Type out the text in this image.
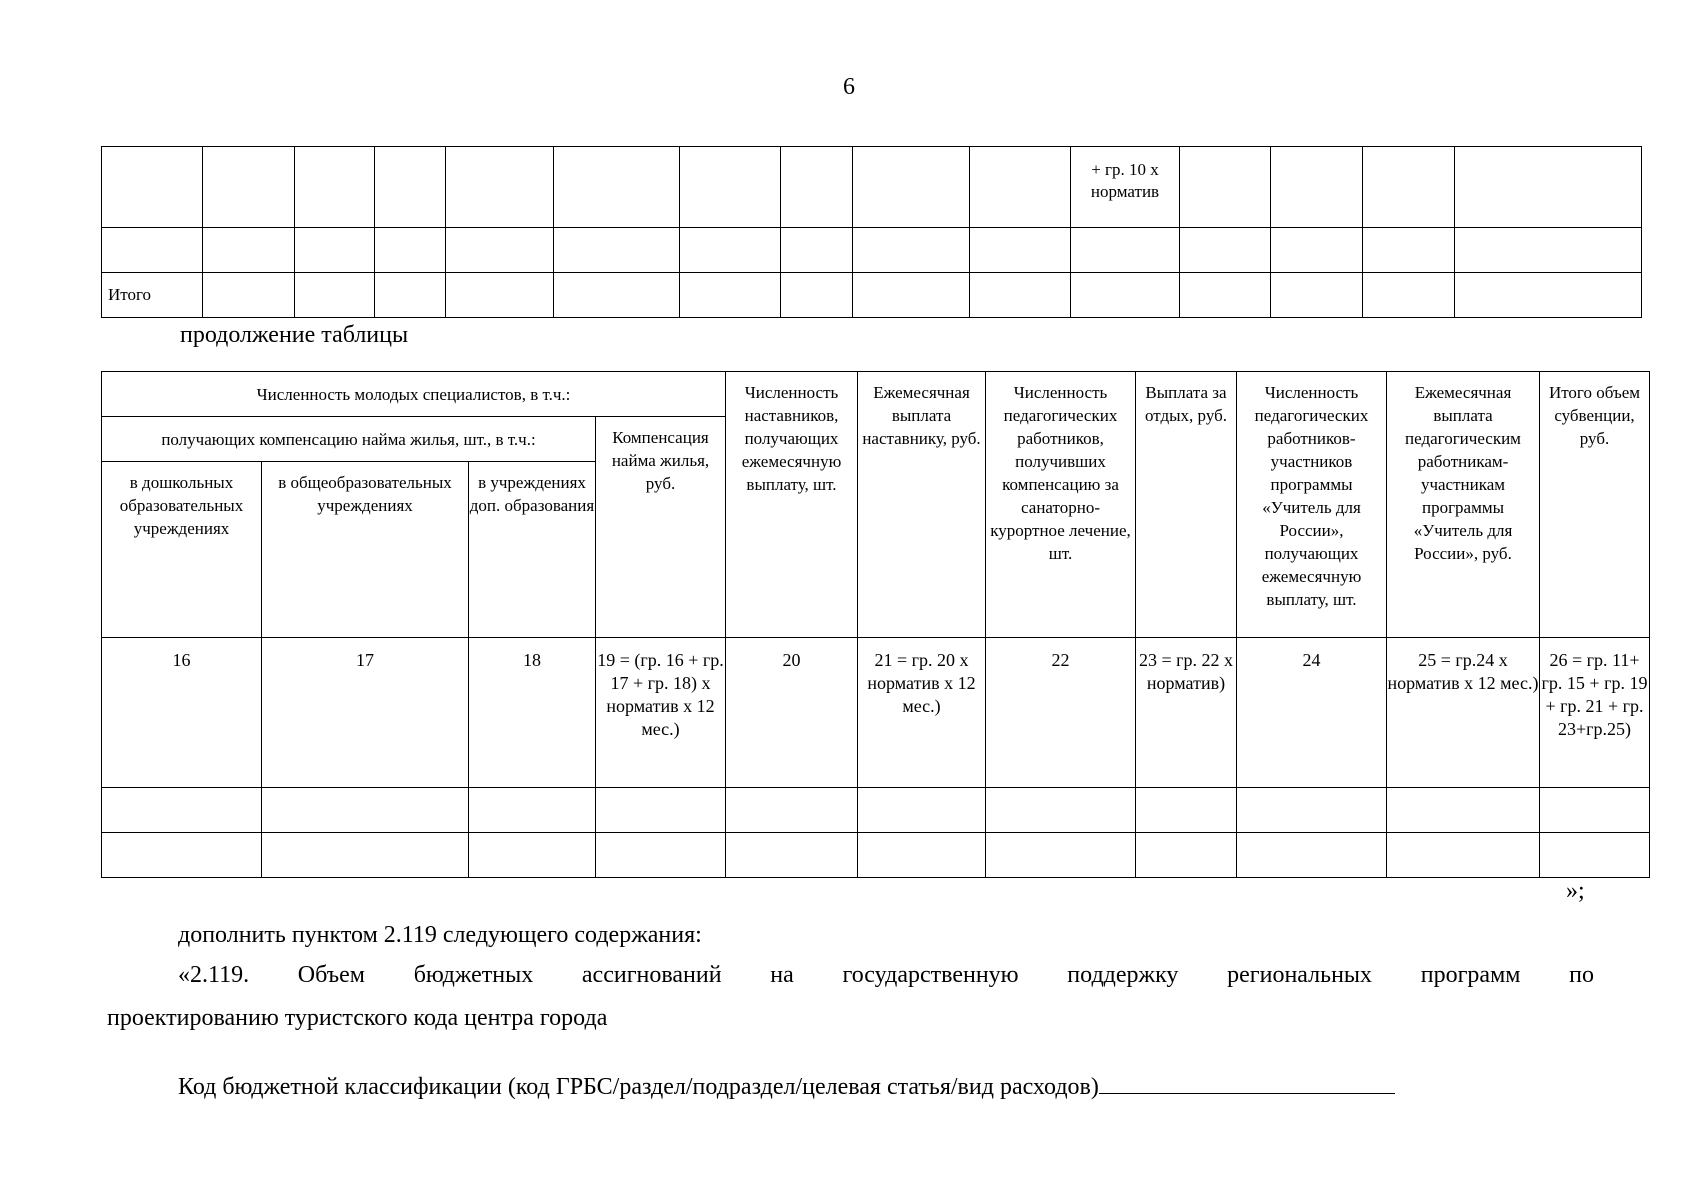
6
										+ гр. 10 х норматив				

Итого														
продолжение таблицы
Численность молодых специалистов, в т.ч.:				Численность наставников, получающих ежемесячную выплату, шт.	Ежемесячная выплата наставнику, руб.	Численность педагогических работников, получивших компенсацию за санаторно-курортное лечение, шт.	Выплата за отдых, руб.	Численность педагогических работников-участников программы «Учитель для России», получающих ежемесячную выплату, шт.	Ежемесячная выплата педагогическим работникам-участникам программы «Учитель для России», руб.	Итого объем субвенции, руб.
получающих компенсацию найма жилья, шт., в т.ч.:			Компенсация найма жилья, руб.							
в дошкольных образовательных учреждениях	в общеобразовательных учреждениях	в учреждениях доп. образования								
16	17	18	19 = (гр. 16 + гр. 17 + гр. 18) х норматив х 12 мес.)	20	21 = гр. 20 х норматив х 12 мес.)	22	23 = гр. 22 х норматив)	24	25 = гр.24 х норматив х 12 мес.)	26 = гр. 11+ гр. 15 + гр. 19 + гр. 21 + гр. 23+гр.25)

»;
дополнить пунктом 2.119 следующего содержания:
«2.119. Объем бюджетных ассигнований на государственную поддержку региональных программ по
проектированию туристского кода центра города
Код бюджетной классификации (код ГРБС/раздел/подраздел/целевая статья/вид расходов)
